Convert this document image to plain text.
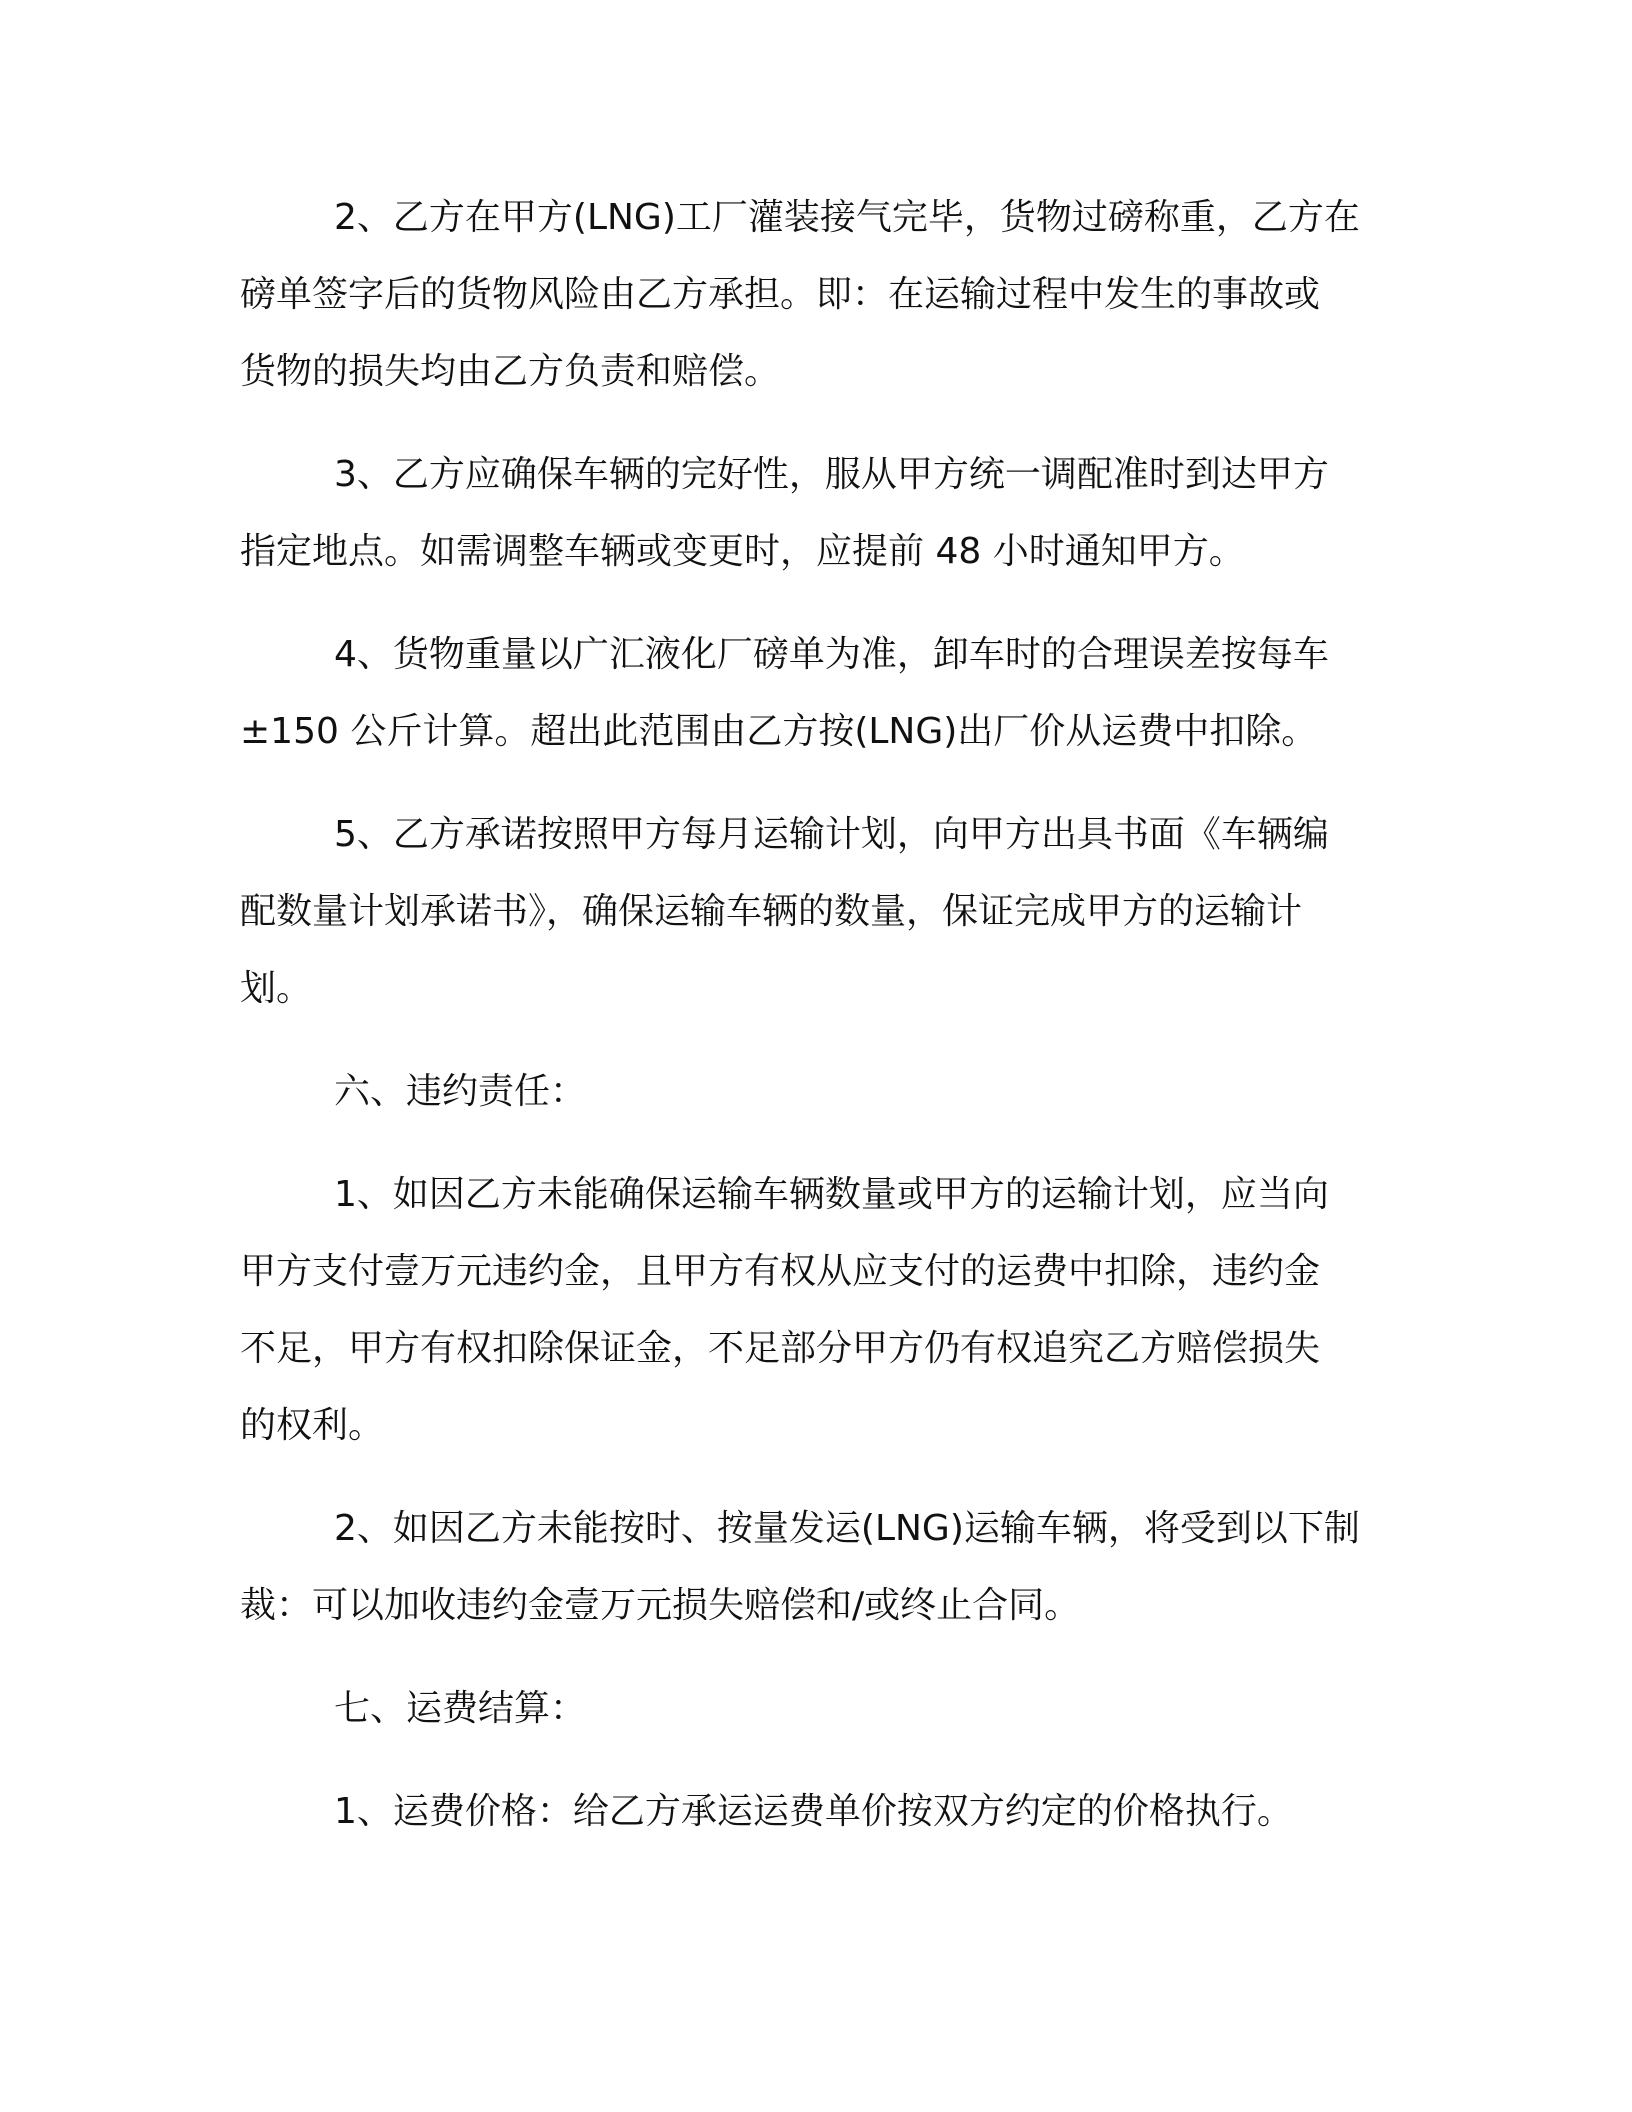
2、乙方在甲方(LNG)工厂灌装接气完毕，货物过磅称重，乙方在
磅单签字后的货物风险由乙方承担。即：在运输过程中发生的事故或
货物的损失均由乙方负责和赔偿。

3、乙方应确保车辆的完好性，服从甲方统一调配准时到达甲方
指定地点。如需调整车辆或变更时，应提前 48 小时通知甲方。

4、货物重量以广汇液化厂磅单为准，卸车时的合理误差按每车
±150 公斤计算。超出此范围由乙方按(LNG)出厂价从运费中扣除。

5、乙方承诺按照甲方每月运输计划，向甲方出具书面《车辆编
配数量计划承诺书》，确保运输车辆的数量，保证完成甲方的运输计
划。

六、违约责任：

1、如因乙方未能确保运输车辆数量或甲方的运输计划，应当向
甲方支付壹万元违约金，且甲方有权从应支付的运费中扣除，违约金
不足，甲方有权扣除保证金，不足部分甲方仍有权追究乙方赔偿损失
的权利。

2、如因乙方未能按时、按量发运(LNG)运输车辆，将受到以下制
裁：可以加收违约金壹万元损失赔偿和/或终止合同。

七、运费结算：

1、运费价格：给乙方承运运费单价按双方约定的价格执行。
